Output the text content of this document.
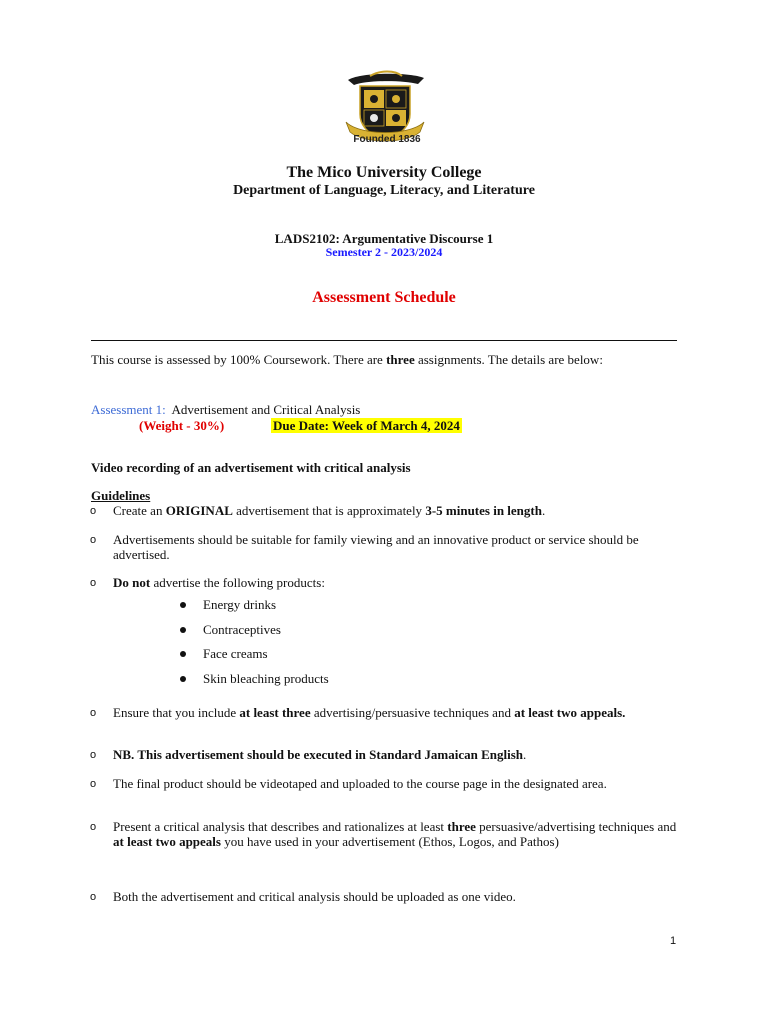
Founded 1836
The Mico University College
Department of Language, Literacy, and Literature
LADS2102: Argumentative Discourse 1
Semester 2 - 2023/2024
Assessment Schedule
This course is assessed by 100% Coursework. There are three assignments. The details are below:
Assessment 1: Advertisement and Critical Analysis
(Weight - 30%)	Due Date: Week of March 4, 2024
Video recording of an advertisement with critical analysis
Guidelines
o Create an ORIGINAL advertisement that is approximately 3-5 minutes in length.
o Advertisements should be suitable for family viewing and an innovative product or service should be advertised.
o Do not advertise the following products:
Energy drinks
Contraceptives
Face creams
Skin bleaching products
o Ensure that you include at least three advertising/persuasive techniques and at least two appeals.
o NB. This advertisement should be executed in Standard Jamaican English.
o The final product should be videotaped and uploaded to the course page in the designated area.
o Present a critical analysis that describes and rationalizes at least three persuasive/advertising techniques and at least two appeals you have used in your advertisement (Ethos, Logos, and Pathos)
o Both the advertisement and critical analysis should be uploaded as one video.
1
